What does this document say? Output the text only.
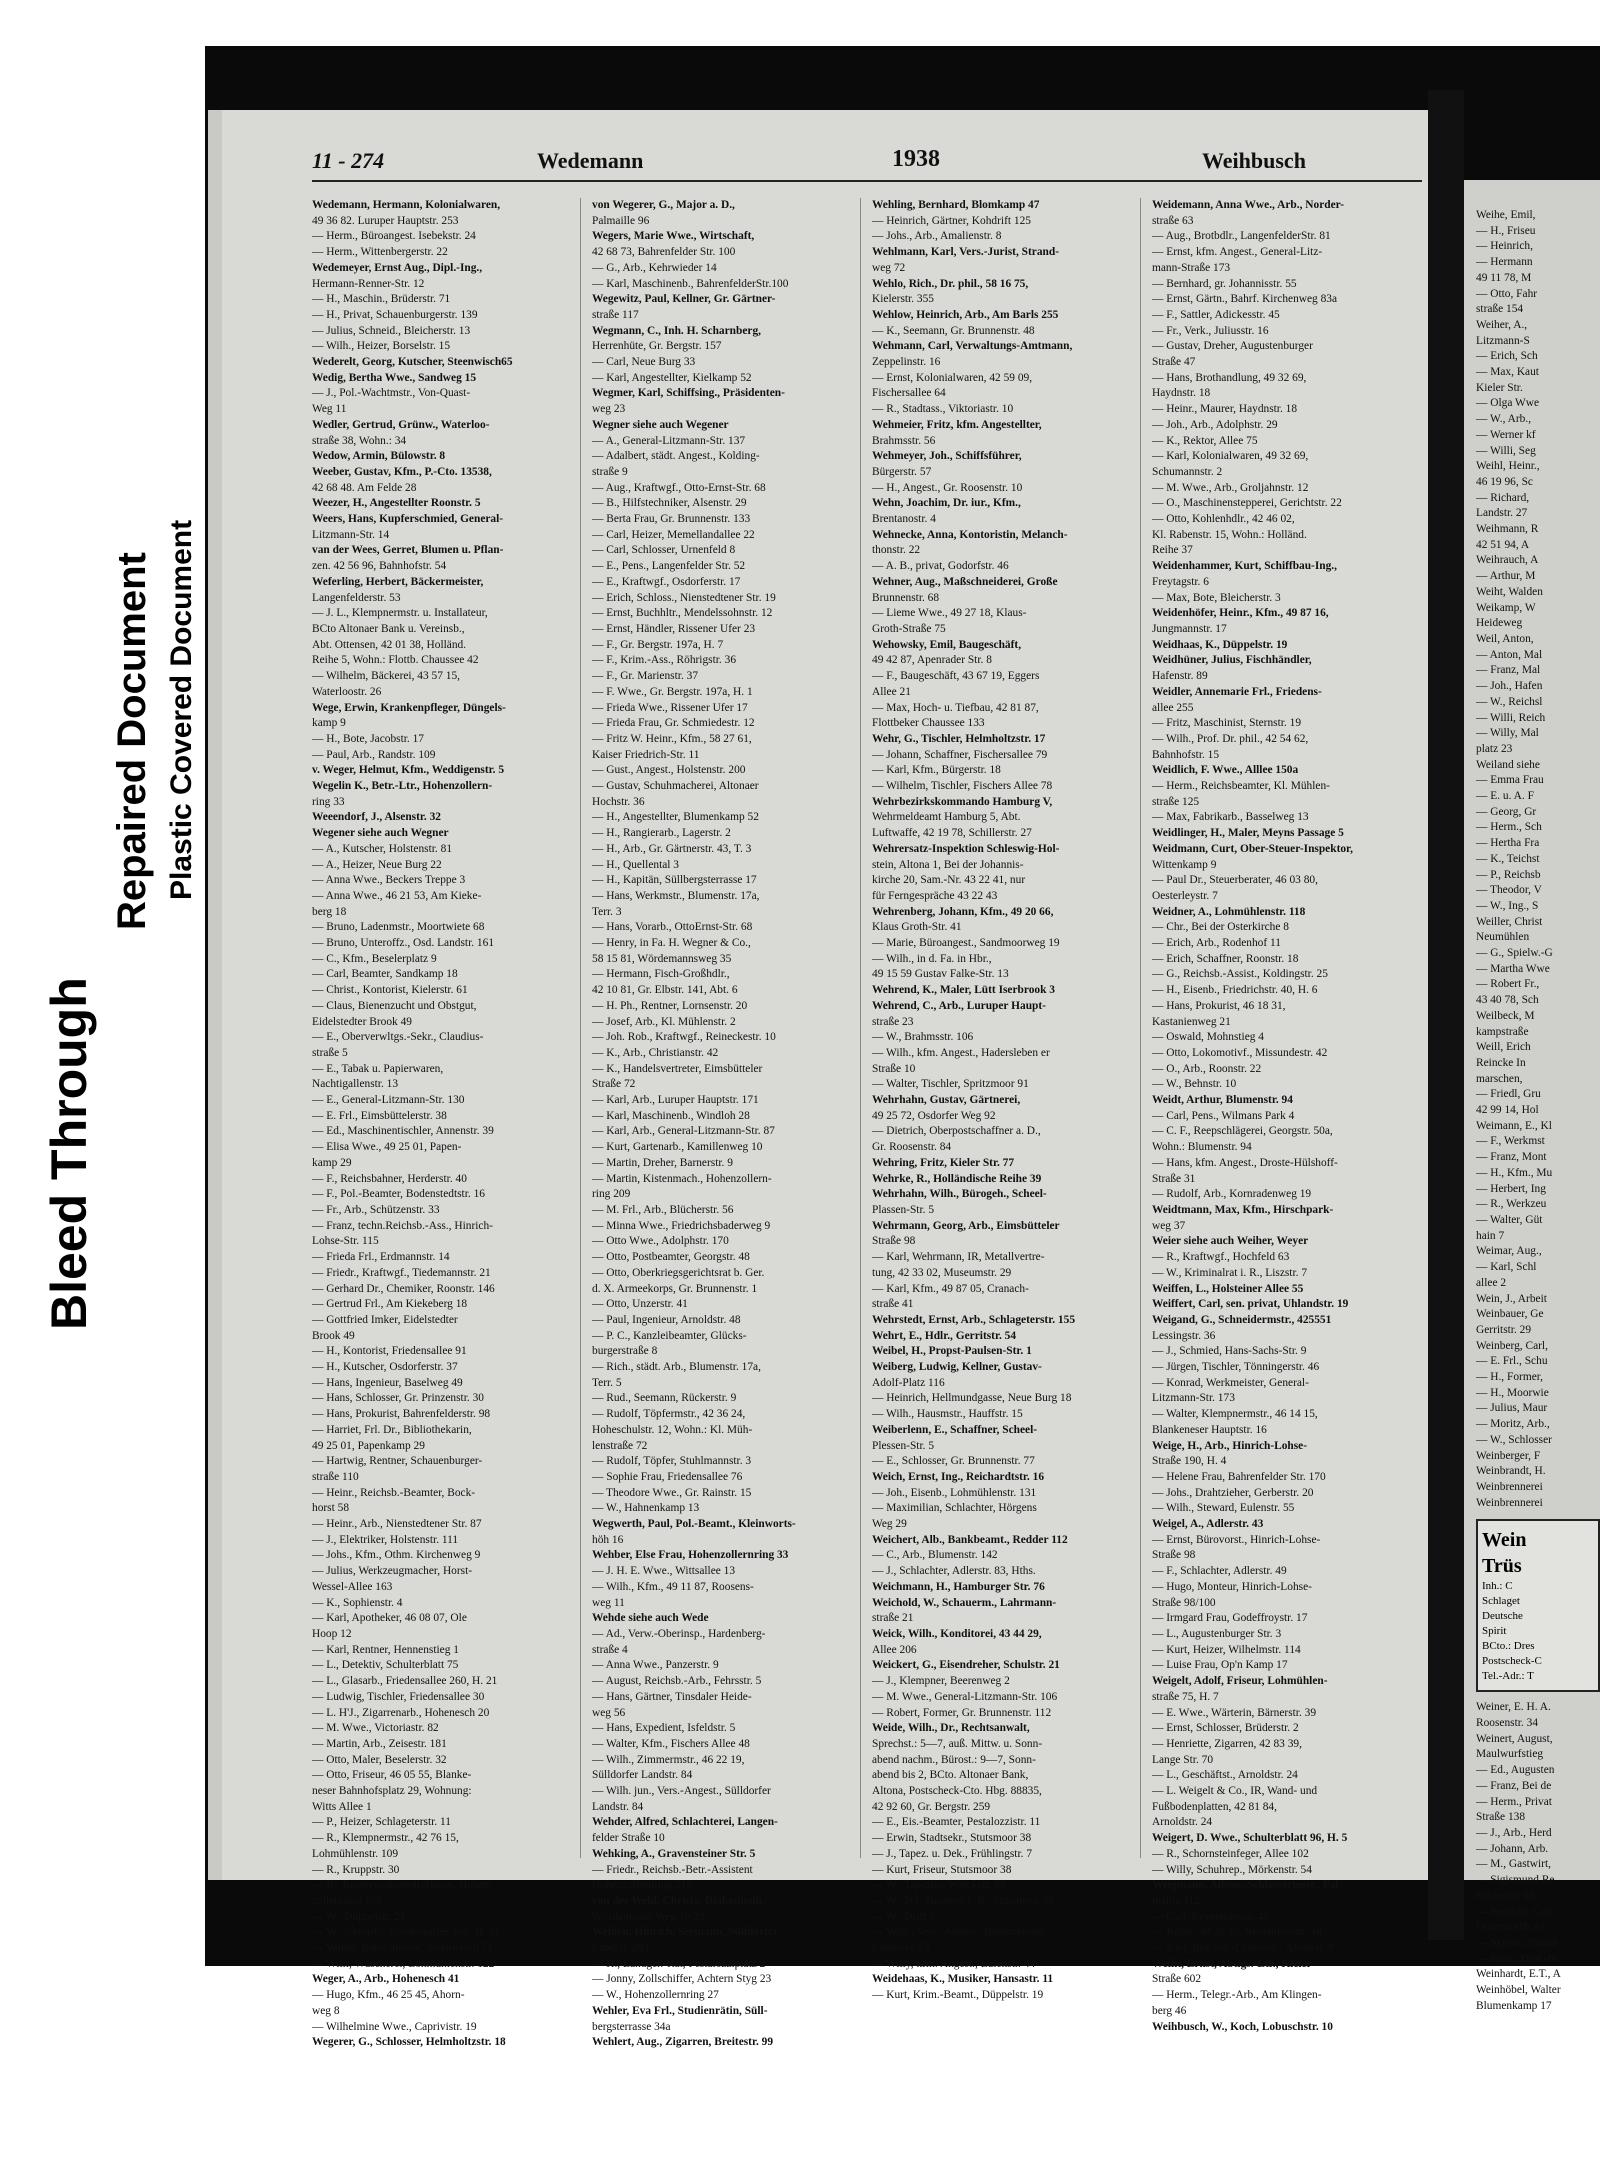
Bleed Through
Repaired Document Plastic Covered Document
11 - 274	Wedemann	1938	Weihbusch
Wedemann, Hermann, Kolonialwaren,
49 36 82. Luruper Hauptstr. 253
— Herm., Büroangest. Isebekstr. 24
— Herm., Wittenbergerstr. 22
Wedemeyer, Ernst Aug., Dipl.-Ing.,
Hermann-Renner-Str. 12
— H., Maschin., Brüderstr. 71
— H., Privat, Schauenburgerstr. 139
— Julius, Schneid., Bleicherstr. 13
— Wilh., Heizer, Borselstr. 15
Wederelt, Georg, Kutscher, Steenwisch65
Wedig, Bertha Wwe., Sandweg 15
— J., Pol.-Wachtmstr., Von-Quast-
Weg 11
Wedler, Gertrud, Grünw., Waterloo-
straße 38, Wohn.: 34
Wedow, Armin, Bülowstr. 8
Weeber, Gustav, Kfm., P.-Cto. 13538,
42 68 48. Am Felde 28
Weezer, H., Angestellter Roonstr. 5
Weers, Hans, Kupferschmied, General-
Litzmann-Str. 14
van der Wees, Gerret, Blumen u. Pflan-
zen. 42 56 96, Bahnhofstr. 54
Weferling, Herbert, Bäckermeister,
Langenfelderstr. 53
— J. L., Klempnermstr. u. Installateur,
BCto Altonaer Bank u. Vereinsb.,
Abt. Ottensen, 42 01 38, Holländ.
Reihe 5, Wohn.: Flottb. Chaussee 42
— Wilhelm, Bäckerei, 43 57 15,
Waterloostr. 26
Wege, Erwin, Krankenpfleger, Düngels-
kamp 9
— H., Bote, Jacobstr. 17
— Paul, Arb., Randstr. 109
v. Weger, Helmut, Kfm., Weddigenstr. 5
Wegelin K., Betr.-Ltr., Hohenzollern-
ring 33
Weeendorf, J., Alsenstr. 32
Wegener siehe auch Wegner
— A., Kutscher, Holstenstr. 81
— A., Heizer, Neue Burg 22
— Anna Wwe., Beckers Treppe 3
— Anna Wwe., 46 21 53, Am Kieke-
berg 18
— Bruno, Ladenmstr., Moortwiete 68
— Bruno, Unteroffz., Osd. Landstr. 161
— C., Kfm., Beselerplatz 9
— Carl, Beamter, Sandkamp 18
— Christ., Kontorist, Kielerstr. 61
— Claus, Bienenzucht und Obstgut,
Eidelstedter Brook 49
— E., Oberverwltgs.-Sekr., Claudius-
straße 5
— E., Tabak u. Papierwaren,
Nachtigallenstr. 13
— E., General-Litzmann-Str. 130
— E. Frl., Eimsbüttelerstr. 38
— Ed., Maschinentischler, Annenstr. 39
— Elisa Wwe., 49 25 01, Papen-
kamp 29
— F., Reichsbahner, Herderstr. 40
— F., Pol.-Beamter, Bodenstedtstr. 16
— Fr., Arb., Schützenstr. 33
— Franz, techn.Reichsb.-Ass., Hinrich-
Lohse-Str. 115
— Frieda Frl., Erdmannstr. 14
— Friedr., Kraftwgf., Tiedemannstr. 21
— Gerhard Dr., Chemiker, Roonstr. 146
— Gertrud Frl., Am Kiekeberg 18
— Gottfried Imker, Eidelstedter
Brook 49
— H., Kontorist, Friedensallee 91
— H., Kutscher, Osdorferstr. 37
— Hans, Ingenieur, Baselweg 49
— Hans, Schlosser, Gr. Prinzenstr. 30
— Hans, Prokurist, Bahrenfelderstr. 98
— Harriet, Frl. Dr., Bibliothekarin,
49 25 01, Papenkamp 29
— Hartwig, Rentner, Schauenburger-
straße 110
— Heinr., Reichsb.-Beamter, Bock-
horst 58
— Heinr., Arb., Nienstedtener Str. 87
— J., Elektriker, Holstenstr. 111
— Johs., Kfm., Othm. Kirchenweg 9
— Julius, Werkzeugmacher, Horst-
Wessel-Allee 163
— K., Sophienstr. 4
— Karl, Apotheker, 46 08 07, Ole
Hoop 12
— Karl, Rentner, Hennenstieg 1
— L., Detektiv, Schulterblatt 75
— L., Glasarb., Friedensallee 260, H. 21
— Ludwig, Tischler, Friedensallee 30
— L. H'J., Zigarrenarb., Hohenesch 20
— M. Wwe., Victoriastr. 82
— Martin, Arb., Zeisestr. 181
— Otto, Maler, Beselerstr. 32
— Otto, Friseur, 46 05 55, Blanke-
neser Bahnhofsplatz 29, Wohnung:
Witts Allee 1
— P., Heizer, Schlageterstr. 11
— R., Klempnermstr., 42 76 15,
Lohmühlenstr. 109
— R., Kruppstr. 30
— R., Reservelokomotivführer, Hohen-
zollernring 196
— W., Düppelstr. 21
— W., Glasarb., Friedensallee 260, H. 21
— Walter, Bauschlosser, Steenwisch 71
— Willi, Wäscherei, Lohmühlenstr. 122
Weger, A., Arb., Hohenesch 41
— Hugo, Kfm., 46 25 45, Ahorn-
weg 8
— Wilhelmine Wwe., Caprivistr. 19
Wegerer, G., Schlosser, Helmholtzstr. 18
von Wegerer, G., Major a. D.,
Palmaille 96
Wegers, Marie Wwe., Wirtschaft,
42 68 73, Bahrenfelder Str. 100
— G., Arb., Kehrwieder 14
— Karl, Maschinenb., BahrenfelderStr.100
Wegewitz, Paul, Kellner, Gr. Gärtner-
straße 117
Wegmann, C., Inh. H. Scharnberg,
Herrenhüte, Gr. Bergstr. 157
— Carl, Neue Burg 33
— Karl, Angestellter, Kielkamp 52
Wegmer, Karl, Schiffsing., Präsidenten-
weg 23
Wegner siehe auch Wegener
— A., General-Litzmann-Str. 137
— Adalbert, städt. Angest., Kolding-
straße 9
— Aug., Kraftwgf., Otto-Ernst-Str. 68
— B., Hilfstechniker, Alsenstr. 29
— Berta Frau, Gr. Brunnenstr. 133
— Carl, Heizer, Memellandallee 22
— Carl, Schlosser, Urnenfeld 8
— E., Pens., Langenfelder Str. 52
— E., Kraftwgf., Osdorferstr. 17
— Erich, Schloss., Nienstedtener Str. 19
— Ernst, Buchhltr., Mendelssohnstr. 12
— Ernst, Händler, Rissener Ufer 23
— F., Gr. Bergstr. 197a, H. 7
— F., Krim.-Ass., Röhrigstr. 36
— F., Gr. Marienstr. 37
— F. Wwe., Gr. Bergstr. 197a, H. 1
— Frieda Wwe., Rissener Ufer 17
— Frieda Frau, Gr. Schmiedestr. 12
— Fritz W. Heinr., Kfm., 58 27 61,
Kaiser Friedrich-Str. 11
— Gust., Angest., Holstenstr. 200
— Gustav, Schuhmacherei, Altonaer
Hochstr. 36
— H., Angestellter, Blumenkamp 52
— H., Rangierarb., Lagerstr. 2
— H., Arb., Gr. Gärtnerstr. 43, T. 3
— H., Quellental 3
— H., Kapitän, Süllbergsterrasse 17
— Hans, Werkmstr., Blumenstr. 17a,
Terr. 3
— Hans, Vorarb., OttoErnst-Str. 68
— Henry, in Fa. H. Wegner & Co.,
58 15 81, Wördemannsweg 35
— Hermann, Fisch-Großhdlr.,
42 10 81, Gr. Elbstr. 141, Abt. 6
— H. Ph., Rentner, Lornsenstr. 20
— Josef, Arb., Kl. Mühlenstr. 2
— Joh. Rob., Kraftwgf., Reineckestr. 10
— K., Arb., Christianstr. 42
— K., Handelsvertreter, Eimsbütteler
Straße 72
— Karl, Arb., Luruper Hauptstr. 171
— Karl, Maschinenb., Windloh 28
— Karl, Arb., General-Litzmann-Str. 87
— Kurt, Gartenarb., Kamillenweg 10
— Martin, Dreher, Barnerstr. 9
— Martin, Kistenmach., Hohenzollern-
ring 209
— M. Frl., Arb., Blücherstr. 56
— Minna Wwe., Friedrichsbaderweg 9
— Otto Wwe., Adolphstr. 170
— Otto, Postbeamter, Georgstr. 48
— Otto, Oberkriegsgerichtsrat b. Ger.
d. X. Armeekorps, Gr. Brunnenstr. 1
— Otto, Unzerstr. 41
— Paul, Ingenieur, Arnoldstr. 48
— P. C., Kanzleibeamter, Glücks-
burgerstraße 8
— Rich., städt. Arb., Blumenstr. 17a,
Terr. 5
— Rud., Seemann, Rückerstr. 9
— Rudolf, Töpfermstr., 42 36 24,
Hoheschulstr. 12, Wohn.: Kl. Müh-
lenstraße 72
— Rudolf, Töpfer, Stuhlmannstr. 3
— Sophie Frau, Friedensallee 76
— Theodore Wwe., Gr. Rainstr. 15
— W., Hahnenkamp 13
Wegwerth, Paul, Pol.-Beamt., Kleinworts-
höh 16
Wehber, Else Frau, Hohenzollernring 33
— J. H. E. Wwe., Wittsallee 13
— Wilh., Kfm., 49 11 87, Roosens-
weg 11
Wehde siehe auch Wede
— Ad., Verw.-Oberinsp., Hardenberg-
straße 4
— Anna Wwe., Panzerstr. 9
— August, Reichsb.-Arb., Fehrsstr. 5
— Hans, Gärtner, Tinsdaler Heide-
weg 56
— Hans, Expedient, Isfeldstr. 5
— Walter, Kfm., Fischers Allee 48
— Wilh., Zimmermstr., 46 22 19,
Sülldorfer Landstr. 84
— Wilh. jun., Vers.-Angest., Sülldorfer
Landstr. 84
Wehder, Alfred, Schlachterei, Langen-
felder Straße 10
Wehking, A., Gravensteiner Str. 5
— Friedr., Reichsb.-Betr.-Assistent
Hohenzollernring 216
von der Wehl, Christa, Diakonissin,
Wördemanns Weg 19/29
Wehlen, Hinrich, Seemann, Sülldorfer
Landstr. 283
— H., Landger.-Rat, Pestalozziplatz 2
— Jonny, Zollschiffer, Achtern Styg 23
— W., Hohenzollernring 27
Wehler, Eva Frl., Studienrätin, Süll-
bergsterrasse 34a
Wehlert, Aug., Zigarren, Breitestr. 99
Wehling, Bernhard, Blomkamp 47
— Heinrich, Gärtner, Kohdrift 125
— Johs., Arb., Amalienstr. 8
Wehlmann, Karl, Vers.-Jurist, Strand-
weg 72
Wehlo, Rich., Dr. phil., 58 16 75,
Kielerstr. 355
Wehlow, Heinrich, Arb., Am Barls 255
— K., Seemann, Gr. Brunnenstr. 48
Wehmann, Carl, Verwaltungs-Amtmann,
Zeppelinstr. 16
— Ernst, Kolonialwaren, 42 59 09,
Fischersallee 64
— R., Stadtass., Viktoriastr. 10
Wehmeier, Fritz, kfm. Angestellter,
Brahmsstr. 56
Wehmeyer, Joh., Schiffsführer,
Bürgerstr. 57
— H., Angest., Gr. Roosenstr. 10
Wehn, Joachim, Dr. iur., Kfm.,
Brentanostr. 4
Wehnecke, Anna, Kontoristin, Melanch-
thonstr. 22
— A. B., privat, Godorfstr. 46
Wehner, Aug., Maßschneiderei, Große
Brunnenstr. 68
— Lieme Wwe., 49 27 18, Klaus-
Groth-Straße 75
Wehowsky, Emil, Baugeschäft,
49 42 87, Apenrader Str. 8
— F., Baugeschäft, 43 67 19, Eggers
Allee 21
— Max, Hoch- u. Tiefbau, 42 81 87,
Flottbeker Chaussee 133
Wehr, G., Tischler, Helmholtzstr. 17
— Johann, Schaffner, Fischersallee 79
— Karl, Kfm., Bürgerstr. 18
— Wilhelm, Tischler, Fischers Allee 78
Wehrbezirkskommando Hamburg V,
Wehrmeldeamt Hamburg 5, Abt.
Luftwaffe, 42 19 78, Schillerstr. 27
Wehrersatz-Inspektion Schleswig-Hol-
stein, Altona 1, Bei der Johannis-
kirche 20, Sam.-Nr. 43 22 41, nur
für Ferngespräche 43 22 43
Wehrenberg, Johann, Kfm., 49 20 66,
Klaus Groth-Str. 41
— Marie, Büroangest., Sandmoorweg 19
— Wilh., in d. Fa. in Hbr.,
49 15 59 Gustav Falke-Str. 13
Wehrend, K., Maler, Lütt Iserbrook 3
Wehrend, C., Arb., Luruper Haupt-
straße 23
— W., Brahmsstr. 106
— Wilh., kfm. Angest., Hadersleben er
Straße 10
— Walter, Tischler, Spritzmoor 91
Wehrhahn, Gustav, Gärtnerei,
49 25 72, Osdorfer Weg 92
— Dietrich, Oberpostschaffner a. D.,
Gr. Roosenstr. 84
Wehring, Fritz, Kieler Str. 77
Wehrke, R., Holländische Reihe 39
Wehrhahn, Wilh., Bürogeh., Scheel-
Plassen-Str. 5
Wehrmann, Georg, Arb., Eimsbütteler
Straße 98
— Karl, Wehrmann, IR, Metallvertre-
tung, 42 33 02, Museumstr. 29
— Karl, Kfm., 49 87 05, Cranach-
straße 41
Wehrstedt, Ernst, Arb., Schlageterstr. 155
Wehrt, E., Hdlr., Gerritstr. 54
Weibel, H., Propst-Paulsen-Str. 1
Weiberg, Ludwig, Kellner, Gustav-
Adolf-Platz 116
— Heinrich, Hellmundgasse, Neue Burg 18
— Wilh., Hausmstr., Hauffstr. 15
Weiberlenn, E., Schaffner, Scheel-
Plessen-Str. 5
— E., Schlosser, Gr. Brunnenstr. 77
Weich, Ernst, Ing., Reichardtstr. 16
— Joh., Eisenb., Lohmühlenstr. 131
— Maximilian, Schlachter, Hörgens
Weg 29
Weichert, Alb., Bankbeamt., Redder 112
— C., Arb., Blumenstr. 142
— J., Schlachter, Adlerstr. 83, Hths.
Weichmann, H., Hamburger Str. 76
Weichold, W., Schauerm., Lahrmann-
straße 21
Weick, Wilh., Konditorei, 43 44 29,
Allee 206
Weickert, G., Eisendreher, Schulstr. 21
— J., Klempner, Beerenweg 2
— M. Wwe., General-Litzmann-Str. 106
— Robert, Former, Gr. Brunnenstr. 112
Weide, Wilh., Dr., Rechtsanwalt,
Sprechst.: 5—7, auß. Mittw. u. Sonn-
abend nachm., Bürost.: 9—7, Sonn-
abend bis 2, BCto. Altonaer Bank,
Altona, Postscheck-Cto. Hbg. 88835,
42 92 60, Gr. Bergstr. 259
— E., Eis.-Beamter, Pestalozzistr. 11
— Erwin, Stadtsekr., Stutsmoor 38
— J., Tapez. u. Dek., Frühlingstr. 7
— Kurt, Friseur, Stutsmoor 38
— W., Tapezier, Wieckstr. 39
— W., Pol.-Beamter I. B., Stutsmoor 38
— W., Drift 5
— Wilh., Vers.-Angest., Bahrenfelder
Chaussee 53
— Willy, kfm. Angest., Eulenstr. 44
Weidehaas, K., Musiker, Hansastr. 11
— Kurt, Krim.-Beamt., Düppelstr. 19
Weidemann, Anna Wwe., Arb., Norder-
straße 63
— Aug., Brotbdlr., LangenfelderStr. 81
— Ernst, kfm. Angest., General-Litz-
mann-Straße 173
— Bernhard, gr. Johannisstr. 55
— Ernst, Gärtn., Bahrf. Kirchenweg 83a
— F., Sattler, Adickesstr. 45
— Fr., Verk., Juliusstr. 16
— Gustav, Dreher, Augustenburger
Straße 47
— Hans, Brothandlung, 49 32 69,
Haydnstr. 18
— Heinr., Maurer, Haydnstr. 18
— Joh., Arb., Adolphstr. 29
— K., Rektor, Allee 75
— Karl, Kolonialwaren, 49 32 69,
Schumannstr. 2
— M. Wwe., Arb., Groljahnstr. 12
— O., Maschinenstepperei, Gerichtstr. 22
— Otto, Kohlenhdlr., 42 46 02,
Kl. Rabenstr. 15, Wohn.: Holländ.
Reihe 37
Weidenhammer, Kurt, Schiffbau-Ing.,
Freytagstr. 6
— Max, Bote, Bleicherstr. 3
Weidenhöfer, Heinr., Kfm., 49 87 16,
Jungmannstr. 17
Weidhaas, K., Düppelstr. 19
Weidhüner, Julius, Fischhändler,
Hafenstr. 89
Weidler, Annemarie Frl., Friedens-
allee 255
— Fritz, Maschinist, Sternstr. 19
— Wilh., Prof. Dr. phil., 42 54 62,
Bahnhofstr. 15
Weidlich, F. Wwe., Alllee 150a
— Herm., Reichsbeamter, Kl. Mühlen-
straße 125
— Max, Fabrikarb., Basselweg 13
Weidlinger, H., Maler, Meyns Passage 5
Weidmann, Curt, Ober-Steuer-Inspektor,
Wittenkamp 9
— Paul Dr., Steuerberater, 46 03 80,
Oesterleystr. 7
Weidner, A., Lohmühlenstr. 118
— Chr., Bei der Osterkirche 8
— Erich, Arb., Rodenhof 11
— Erich, Schaffner, Roonstr. 18
— G., Reichsb.-Assist., Koldingstr. 25
— H., Eisenb., Friedrichstr. 40, H. 6
— Hans, Prokurist, 46 18 31,
Kastanienweg 21
— Oswald, Mohnstieg 4
— Otto, Lokomotivf., Missundestr. 42
— O., Arb., Roonstr. 22
— W., Behnstr. 10
Weidt, Arthur, Blumenstr. 94
— Carl, Pens., Wilmans Park 4
— C. F., Reepschlägerei, Georgstr. 50a,
Wohn.: Blumenstr. 94
— Hans, kfm. Angest., Droste-Hülshoff-
Straße 31
— Rudolf, Arb., Kornradenweg 19
Weidtmann, Max, Kfm., Hirschpark-
weg 37
Weier siehe auch Weiher, Weyer
— R., Kraftwgf., Hochfeld 63
— W., Kriminalrat i. R., Liszstr. 7
Weiffen, L., Holsteiner Allee 55
Weiffert, Carl, sen. privat, Uhlandstr. 19
Weigand, G., Schneidermstr., 425551
Lessingstr. 36
— J., Schmied, Hans-Sachs-Str. 9
— Jürgen, Tischler, Tönningerstr. 46
— Konrad, Werkmeister, General-
Litzmann-Str. 173
— Walter, Klempnermstr., 46 14 15,
Blankeneser Hauptstr. 16
Weige, H., Arb., Hinrich-Lohse-
Straße 190, H. 4
— Helene Frau, Bahrenfelder Str. 170
— Johs., Drahtzieher, Gerberstr. 20
— Wilh., Steward, Eulenstr. 55
Weigel, A., Adlerstr. 43
— Ernst, Bürovorst., Hinrich-Lohse-
Straße 98
— F., Schlachter, Adlerstr. 49
— Hugo, Monteur, Hinrich-Lohse-
Straße 98/100
— Irmgard Frau, Godeffroystr. 17
— L., Augustenburger Str. 3
— Kurt, Heizer, Wilhelmstr. 114
— Luise Frau, Op'n Kamp 17
Weigelt, Adolf, Friseur, Lohmühlen-
straße 75, H. 7
— E. Wwe., Wärterin, Bärnerstr. 39
— Ernst, Schlosser, Brüderstr. 2
— Henriette, Zigarren, 42 83 39,
Lange Str. 70
— L., Geschäftst., Arnoldstr. 24
— L. Weigelt & Co., IR, Wand- und
Fußbodenplatten, 42 81 84,
Arnoldstr. 24
Weigert, D. Wwe., Schulterblatt 96, H. 5
— R., Schornsteinfeger, Allee 102
— Willy, Schuhrep., Mörkenstr. 54
Weigmann, Alfons, Schlossermstr., Pal-
maille 112
— Carl, Reventlowstr. 48
— Käthe, 49 26 35, Reventlowstr. 48
— Paul, Reichsb.-Oberinsp., Alsenstr. 9
Weiht, Ernst, Abtlgs.-Ltr., Kieler
Straße 602
— Herm., Telegr.-Arb., Am Klingen-
berg 46
Weihbusch, W., Koch, Lobuschstr. 10
Weihe, Emil,
— H., Friseu
— Heinrich,
— Hermann
49 11 78, M
— Otto, Fahr
straße 154
Weiher, A.,
Litzmann-S
— Erich, Sch
— Max, Kaut
Kieler Str.
— Olga Wwe
— W., Arb.,
— Werner kf
— Willi, Seg
Weihl, Heinr.,
46 19 96, Sc
— Richard,
Landstr. 27
Weihmann, R
42 51 94, A
Weihrauch, A
— Arthur, M
Weiht, Walden
Weikamp, W
Heideweg
Weil, Anton,
— Anton, Mal
— Franz, Mal
— Joh., Hafen
— W., Reichsl
— Willi, Reich
— Willy, Mal
platz 23
Weiland siehe
— Emma Frau
— E. u. A. F
— Georg, Gr
— Herm., Sch
— Hertha Fra
— K., Teichst
— P., Reichsb
— Theodor, V
— W., Ing., S
Weiller, Christ
Neumühlen
— G., Spielw.-G
— Martha Wwe
— Robert Fr.,
43 40 78, Sch
Weilbeck, M
kampstraße
Weill, Erich
Reincke In
marschen,
— Friedl, Gru
42 99 14, Hol
Weimann, E., Kl
— F., Werkmst
— Franz, Mont
— H., Kfm., Mu
— Herbert, Ing
— R., Werkzeu
— Walter, Güt
hain 7
Weimar, Aug.,
— Karl, Schl
allee 2
Wein, J., Arbeit
Weinbauer, Ge
Gerritstr. 29
Weinberg, Carl,
— E. Frl., Schu
— H., Former,
— H., Moorwie
— Julius, Maur
— Moritz, Arb.,
— W., Schlosser
Weinberger, F
Weinbrandt, H.
Weinbrennerei
Weinbrennerei
Wein
Trüs
Inh.: C
Schlaget
Deutsche
Spirit
BCto.: Dres
Postscheck-C
Tel.-Adr.: T
Weiner, E. H. A.
Roosenstr. 34
Weinert, August,
Maulwurfstieg
— Ed., Augusten
— Franz, Bei de
— Herm., Privat
Straße 138
— J., Arb., Herd
— Johann, Arb.
— M., Gastwirt,
— Sigismund Re
Fahrenort 68
— Stephan, Carl
Ohlendorffs Al
— Symon, Präsid
— Wilh., Dipl.-In
Weinhardt, E.T., A
Weinhöbel, Walter
Blumenkamp 17
